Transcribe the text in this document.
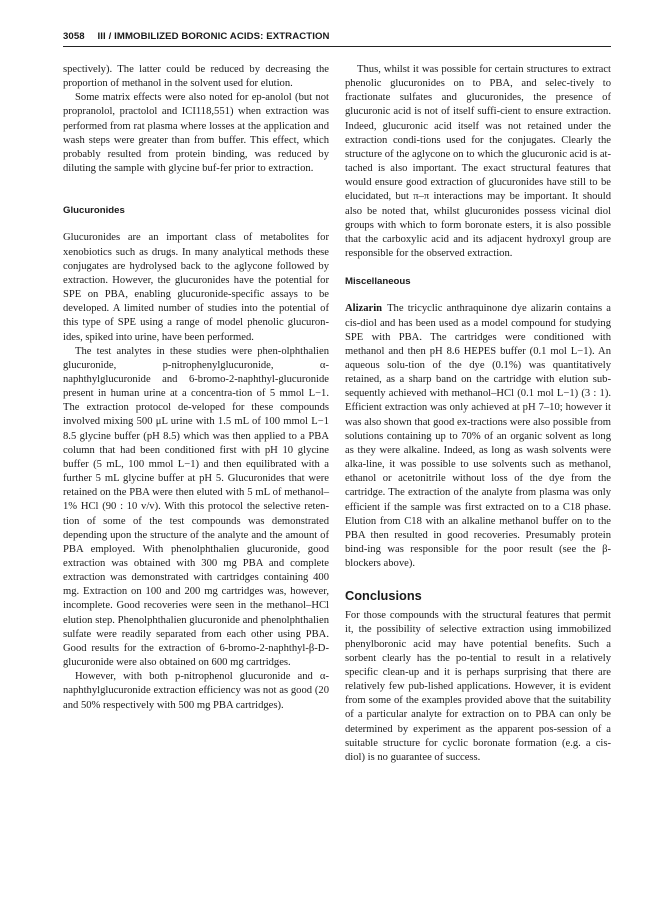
3058 III / IMMOBILIZED BORONIC ACIDS: EXTRACTION

spectively). The latter could be reduced by decreasing the proportion of methanol in the solvent used for elution.

Some matrix effects were also noted for ep-anolol (but not propranolol, practolol and ICI118,551) when extraction was performed from rat plasma where losses at the application and wash steps were greater than from buffer. This effect, which probably resulted from protein binding, was reduced by diluting the sample with glycine buf-fer prior to extraction.

Glucuronides

Glucuronides are an important class of metabolites for xenobiotics such as drugs. In many analytical methods these conjugates are hydrolysed back to the aglycone followed by extraction. However, the glucuronides have the potential for SPE on PBA, enabling glucuronide-specific assays to be developed. A limited number of studies into the potential of this type of SPE using a range of model phenolic glucuron-ides, spiked into urine, have been performed.

The test analytes in these studies were phen-olphthalien glucuronide, p-nitrophenylglucuronide, α-naphthylglucuronide and 6-bromo-2-naphthyl-glucuronide present in human urine at a concentra-tion of 5 mmol L−1. The extraction protocol de-veloped for these compounds involved mixing 500 μL urine with 1.5 mL of 100 mmol L−1 8.5 glycine buffer (pH 8.5) which was then applied to a PBA column that had been conditioned first with pH 10 glycine buffer (5 mL, 100 mmol L−1) and then equilibrated with a further 5 mL glycine buffer at pH 5. Glucuronides that were retained on the PBA were then eluted with 5 mL of methanol–1% HCl (90 : 10 v/v). With this protocol the selective reten-tion of some of the test compounds was demonstrated depending upon the structure of the analyte and the amount of PBA employed. With phenolphthalien glucuronide, good extraction was obtained with 300 mg PBA and complete extraction was demonstrated with cartridges containing 400 mg. Extraction on 100 and 200 mg cartridges was, however, incomplete. Good recoveries were seen in the methanol–HCl elution step. Phenolphthalien glucuronide and phenolphthalien sulfate were readily separated from each other using PBA. Good results for the extraction of 6-bromo-2-naphthyl-β-D-glucuronide were also obtained on 600 mg cartridges.

However, with both p-nitrophenol glucuronide and α-naphthylglucuronide extraction efficiency was not as good (20 and 50% respectively with 500 mg PBA cartridges).

Thus, whilst it was possible for certain structures to extract phenolic glucuronides on to PBA, and selec-tively to fractionate sulfates and glucuronides, the presence of glucuronic acid is not of itself suffi-cient to ensure extraction. Indeed, glucuronic acid itself was not retained under the extraction condi-tions used for the conjugates. Clearly the structure of the aglycone on to which the glucuronic acid is at-tached is also important. The exact structural features that would ensure good extraction of glucuronides have still to be elucidated, but π–π interactions may be important. It should also be noted that, whilst glucuronides possess vicinal diol groups with which to form boronate esters, it is also possible that the carboxylic acid and its adjacent hydroxyl group are responsible for the observed extraction.

Miscellaneous

Alizarin The tricyclic anthraquinone dye alizarin contains a cis-diol and has been used as a model compound for studying SPE with PBA. The cartridges were conditioned with methanol and then pH 8.6 HEPES buffer (0.1 mol L−1). An aqueous solu-tion of the dye (0.1%) was quantitatively retained, as a sharp band on the cartridge with elution sub-sequently achieved with methanol–HCl (0.1 mol L−1) (3 : 1). Efficient extraction was only achieved at pH 7–10; however it was also shown that good ex-tractions were also possible from solutions containing up to 70% of an organic solvent as long as they were alkaline. Indeed, as long as wash solvents were alka-line, it was possible to use solvents such as methanol, ethanol or acetonitrile without loss of the dye from the cartridge. The extraction of the analyte from plasma was only efficient if the sample was first extracted on to a C18 phase. Elution from C18 with an alkaline methanol buffer on to the PBA then resulted in good recoveries. Presumably protein bind-ing was responsible for the poor result (see the β-blockers above).

Conclusions

For those compounds with the structural features that permit it, the possibility of selective extraction using immobilized phenylboronic acid may have potential benefits. Such a sorbent clearly has the po-tential to result in a relatively specific clean-up and it is perhaps surprising that there are relatively few pub-lished applications. However, it is evident from some of the examples provided above that the suitability of a particular analyte for extraction on to PBA can only be determined by experiment as the apparent pos-session of a suitable structure for cyclic boronate formation (e.g. a cis-diol) is no guarantee of success.
